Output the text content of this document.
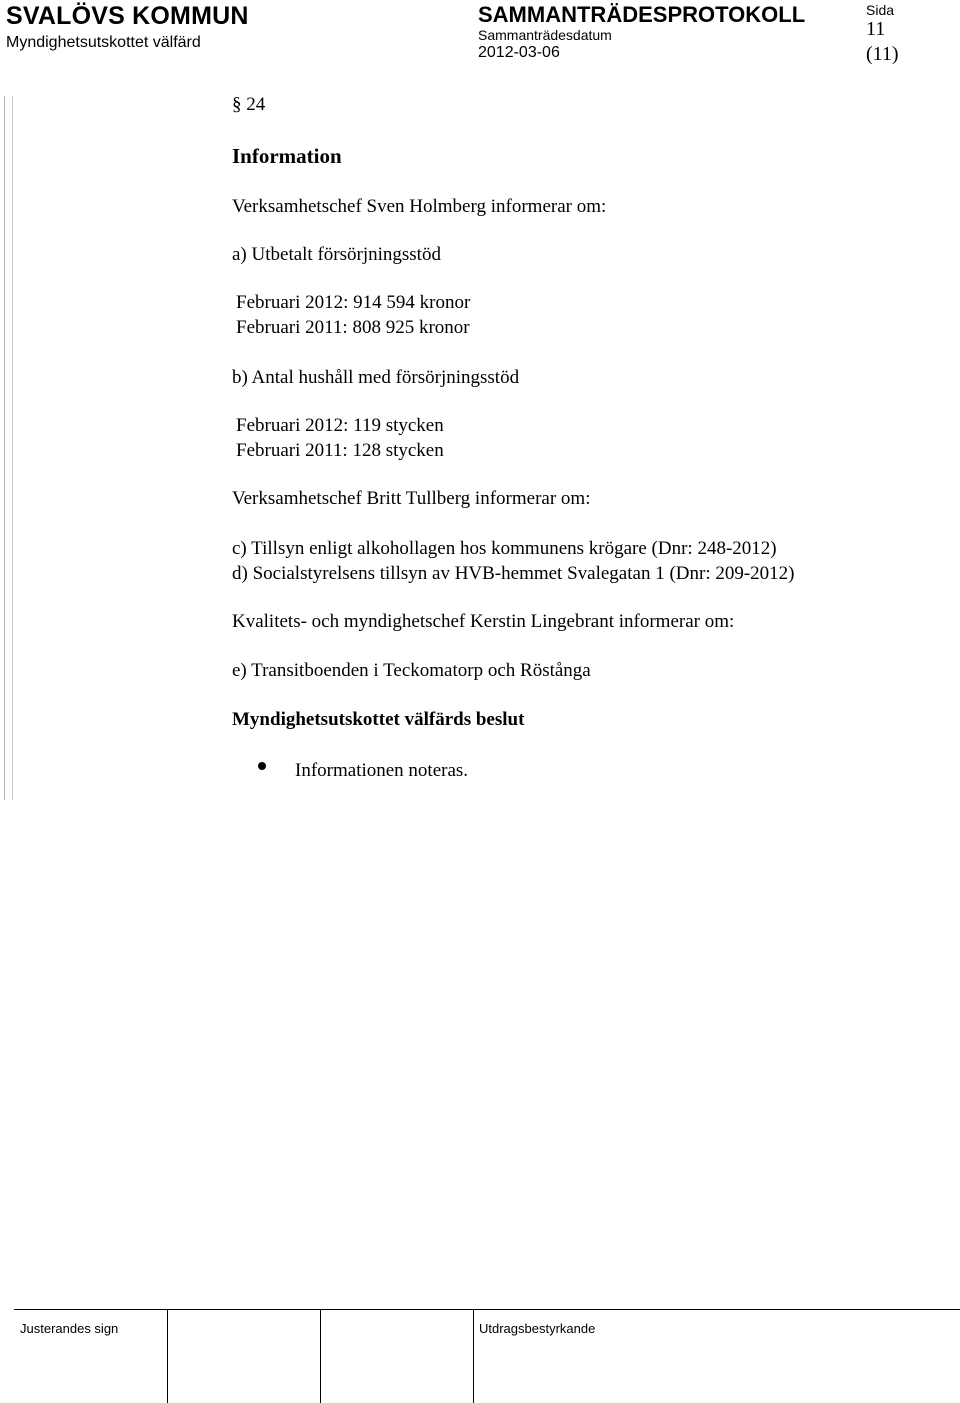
SVALÖVS KOMMUN
Myndighetsutskottet välfärd
SAMMANTRÄDESPROTOKOLL
Sammanträdesdatum
2012-03-06
Sida
11
(11)
§ 24
Information
Verksamhetschef Sven Holmberg informerar om:
a) Utbetalt försörjningsstöd
Februari 2012: 914 594 kronor
Februari 2011: 808 925 kronor
b) Antal hushåll med försörjningsstöd
Februari 2012: 119 stycken
Februari 2011: 128 stycken
Verksamhetschef Britt Tullberg informerar om:
c) Tillsyn enligt alkohollagen hos kommunens krögare (Dnr: 248-2012)
d) Socialstyrelsens tillsyn av HVB-hemmet Svalegatan 1 (Dnr: 209-2012)
Kvalitets- och myndighetschef Kerstin Lingebrant informerar om:
e) Transitboenden i Teckomatorp och Röstånga
Myndighetsutskottet välfärds beslut
Informationen noteras.
Justerandes sign	Utdragsbestyrkande
